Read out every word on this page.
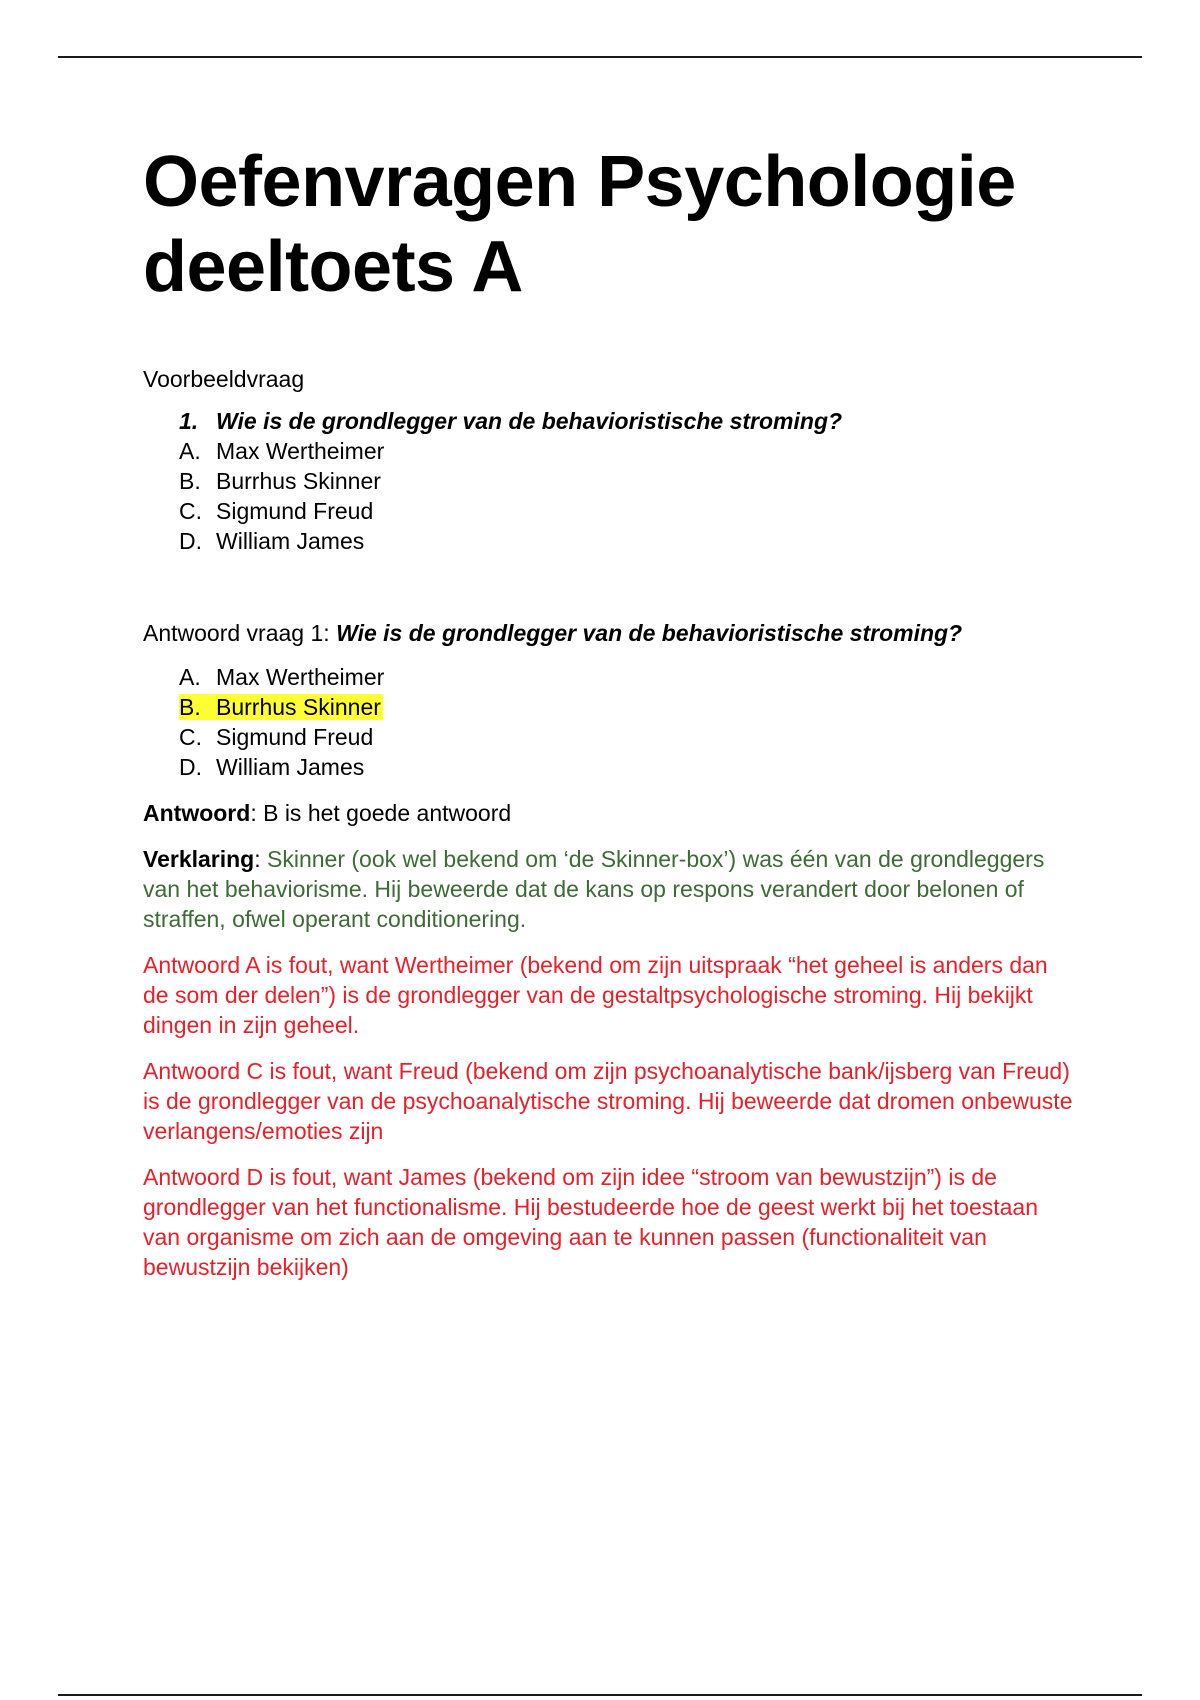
Oefenvragen Psychologie
deeltoets A
Voorbeeldvraag
1. Wie is de grondlegger van de behavioristische stroming?
A. Max Wertheimer
B. Burrhus Skinner
C. Sigmund Freud
D. William James
Antwoord vraag 1: Wie is de grondlegger van de behavioristische stroming?
A. Max Wertheimer
B. Burrhus Skinner
C. Sigmund Freud
D. William James
Antwoord: B is het goede antwoord
Verklaring: Skinner (ook wel bekend om ‘de Skinner-box’) was één van de grondleggers van het behaviorisme. Hij beweerde dat de kans op respons verandert door belonen of straffen, ofwel operant conditionering.
Antwoord A is fout, want Wertheimer (bekend om zijn uitspraak “het geheel is anders dan de som der delen”) is de grondlegger van de gestaltpsychologische stroming. Hij bekijkt dingen in zijn geheel.
Antwoord C is fout, want Freud (bekend om zijn psychoanalytische bank/ijsberg van Freud) is de grondlegger van de psychoanalytische stroming. Hij beweerde dat dromen onbewuste verlangens/emoties zijn
Antwoord D is fout, want James (bekend om zijn idee “stroom van bewustzijn”) is de grondlegger van het functionalisme. Hij bestudeerde hoe de geest werkt bij het toestaan van organisme om zich aan de omgeving aan te kunnen passen (functionaliteit van bewustzijn bekijken)
